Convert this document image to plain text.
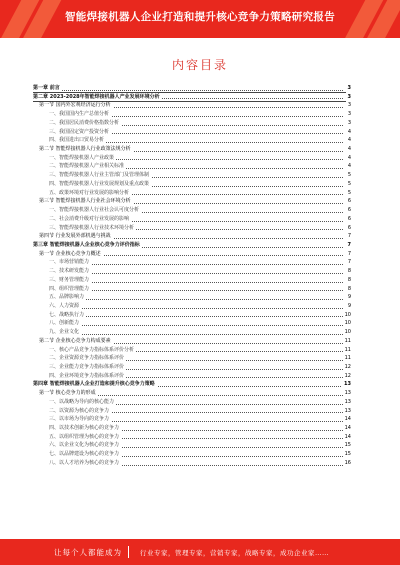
智能焊接机器人企业打造和提升核心竞争力策略研究报告
内容目录
第一章 前言	3
第二章 2023-2028年智能焊接机器人产业发展环境分析	3
第一节 国内外宏观经济运行分析	3
一、我国国内生产总值分析	3
二、我国居民消费价格指数分析	3
三、我国固定资产投资分析	4
四、我国进出口贸易分析	4
第二节 智能焊接机器人行业政策法规分析	4
一、智能焊接机器人产业政策	4
二、智能焊接机器人产业相关标准	4
三、智能焊接机器人行业主管部门及管理体制	5
四、智能焊接机器人行业发展规划及重点政策	5
五、政策环境对行业发展的影响分析	5
第三节 智能焊接机器人行业社会环境分析	6
一、智能焊接机器人行业社会认可度分析	6
二、社会消费升级对行业发展的影响	6
三、智能焊接机器人行业技术环境分析	6
第四节 行业发展外部机遇与挑战	7
第三章 智能焊接机器人企业核心竞争力评价指标	7
第一节 企业核心竞争力概述	7
一、市场营销能力	7
二、技术研发能力	8
三、财务管理能力	8
四、组织管理能力	8
五、品牌影响力	9
六、人力资源	9
七、战略执行力	10
八、创新能力	10
九、企业文化	10
第二节 企业核心竞争力构成要素	11
一、核心产品竞争力指标体系评价分析	11
二、企业资源竞争力指标体系评价	11
三、企业能力竞争力指标体系评价	12
四、企业环境竞争力指标体系评价	12
第四章 智能焊接机器人企业打造和提升核心竞争力策略	13
第一节 核心竞争力的形成	13
一、以战略为导向的核心能力	13
二、以资源为核心的竞争力	13
三、以市场为导向的竞争力	14
四、以技术创新为核心的竞争力	14
五、以组织管理为核心的竞争力	14
六、以企业文化为核心的竞争力	15
七、以品牌建设为核心的竞争力	15
八、以人才培养为核心的竞争力	16
让每个人都能成为	行业专家，管理专家，营销专家，战略专家，成功企业家……
